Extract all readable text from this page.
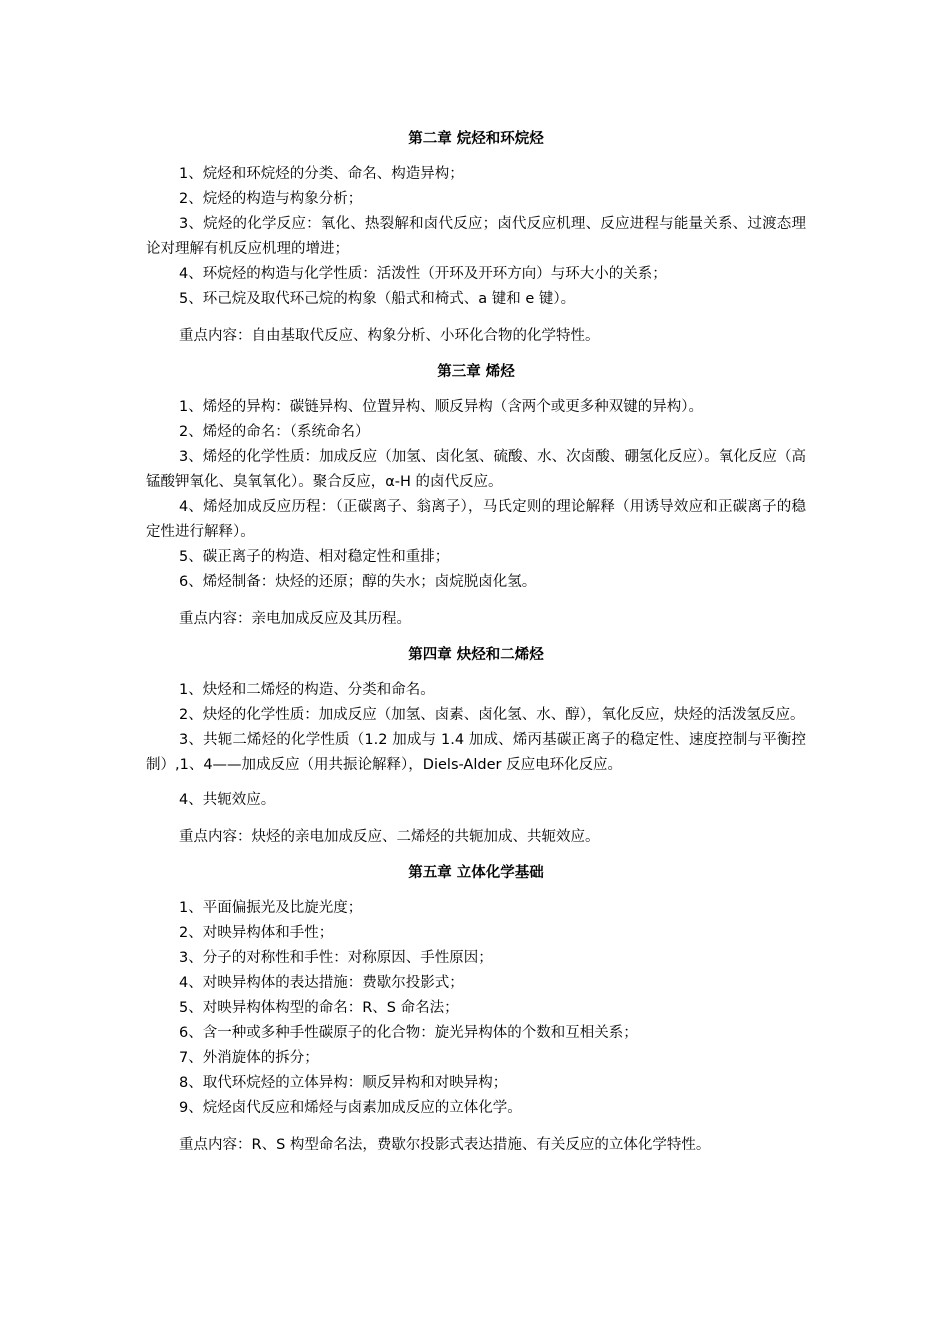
第二章 烷烃和环烷烃

1、烷烃和环烷烃的分类、命名、构造异构；

2、烷烃的构造与构象分析；

3、烷烃的化学反应：氧化、热裂解和卤代反应；卤代反应机理、反应进程与能量关系、过渡态理论对理解有机反应机理的增进；

4、环烷烃的构造与化学性质：活泼性（开环及开环方向）与环大小的关系；

5、环己烷及取代环己烷的构象（船式和椅式、a 键和 e 键）。

重点内容：自由基取代反应、构象分析、小环化合物的化学特性。

第三章 烯烃

1、烯烃的异构：碳链异构、位置异构、顺反异构（含两个或更多种双键的异构）。

2、烯烃的命名：（系统命名）

3、烯烃的化学性质：加成反应（加氢、卤化氢、硫酸、水、次卤酸、硼氢化反应）。氧化反应（高锰酸钾氧化、臭氧氧化）。聚合反应，α-H 的卤代反应。

4、烯烃加成反应历程：（正碳离子、翁离子），马氏定则的理论解释（用诱导效应和正碳离子的稳定性进行解释）。

5、碳正离子的构造、相对稳定性和重排；

6、烯烃制备：炔烃的还原；醇的失水；卤烷脱卤化氢。

重点内容：亲电加成反应及其历程。

第四章 炔烃和二烯烃

1、炔烃和二烯烃的构造、分类和命名。

2、炔烃的化学性质：加成反应（加氢、卤素、卤化氢、水、醇），氧化反应，炔烃的活泼氢反应。

3、共轭二烯烃的化学性质（1.2 加成与 1.4 加成、烯丙基碳正离子的稳定性、速度控制与平衡控制）,1、4——加成反应（用共振论解释），Diels-Alder 反应电环化反应。

4、共轭效应。

重点内容：炔烃的亲电加成反应、二烯烃的共轭加成、共轭效应。

第五章 立体化学基础

1、平面偏振光及比旋光度；

2、对映异构体和手性；

3、分子的对称性和手性：对称原因、手性原因；

4、对映异构体的表达措施：费歇尔投影式；

5、对映异构体构型的命名：R、S 命名法；

6、含一种或多种手性碳原子的化合物：旋光异构体的个数和互相关系；

7、外消旋体的拆分；

8、取代环烷烃的立体异构：顺反异构和对映异构；

9、烷烃卤代反应和烯烃与卤素加成反应的立体化学。

重点内容：R、S 构型命名法，费歇尔投影式表达措施、有关反应的立体化学特性。
